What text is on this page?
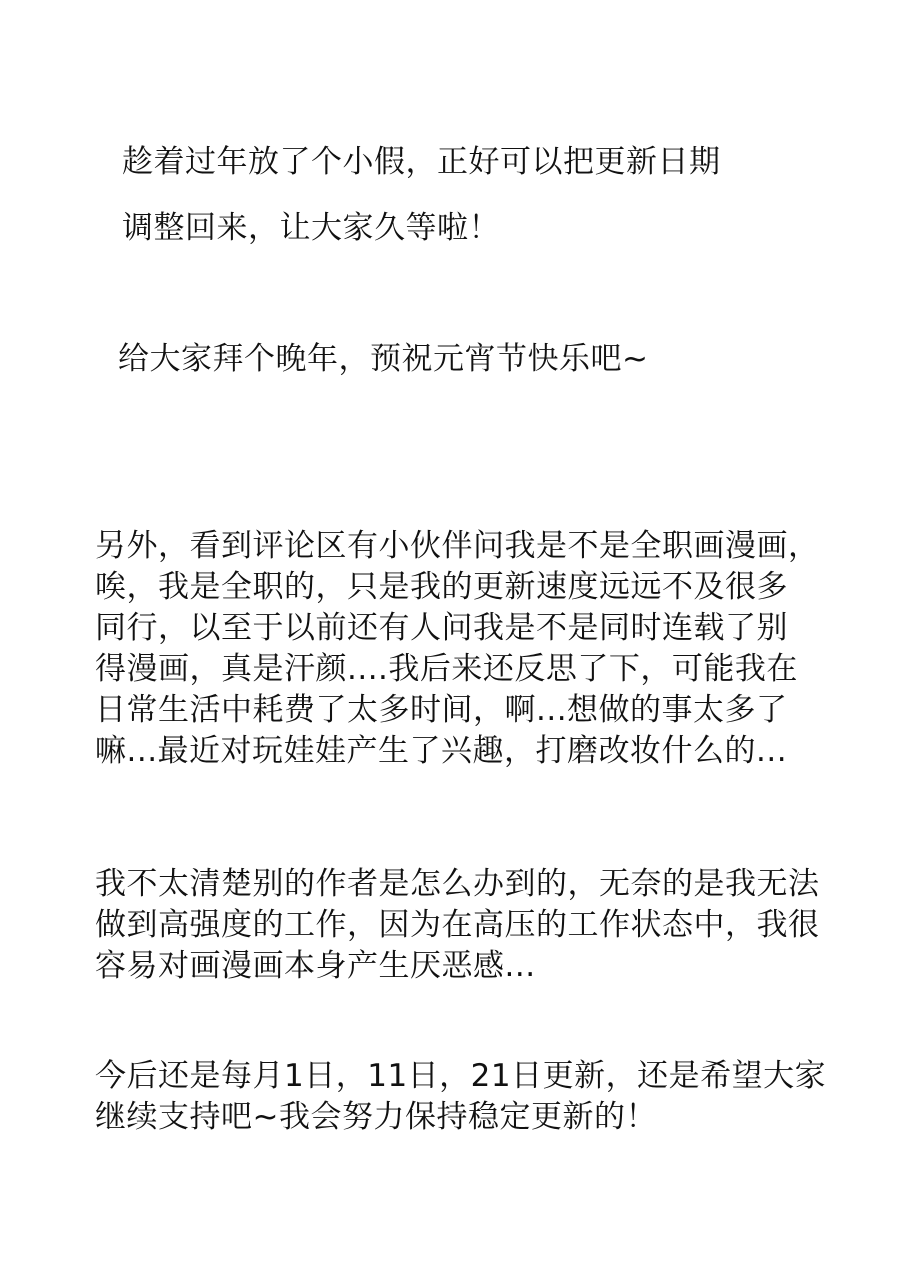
趁着过年放了个小假，正好可以把更新日期
调整回来，让大家久等啦！
给大家拜个晚年，预祝元宵节快乐吧~
另外，看到评论区有小伙伴问我是不是全职画漫画，
唉，我是全职的，只是我的更新速度远远不及很多
同行，以至于以前还有人问我是不是同时连载了别
得漫画，真是汗颜....我后来还反思了下，可能我在
日常生活中耗费了太多时间，啊...想做的事太多了
嘛...最近对玩娃娃产生了兴趣，打磨改妆什么的...
我不太清楚别的作者是怎么办到的，无奈的是我无法
做到高强度的工作，因为在高压的工作状态中，我很
容易对画漫画本身产生厌恶感...
今后还是每月1日，11日，21日更新，还是希望大家
继续支持吧~我会努力保持稳定更新的！
